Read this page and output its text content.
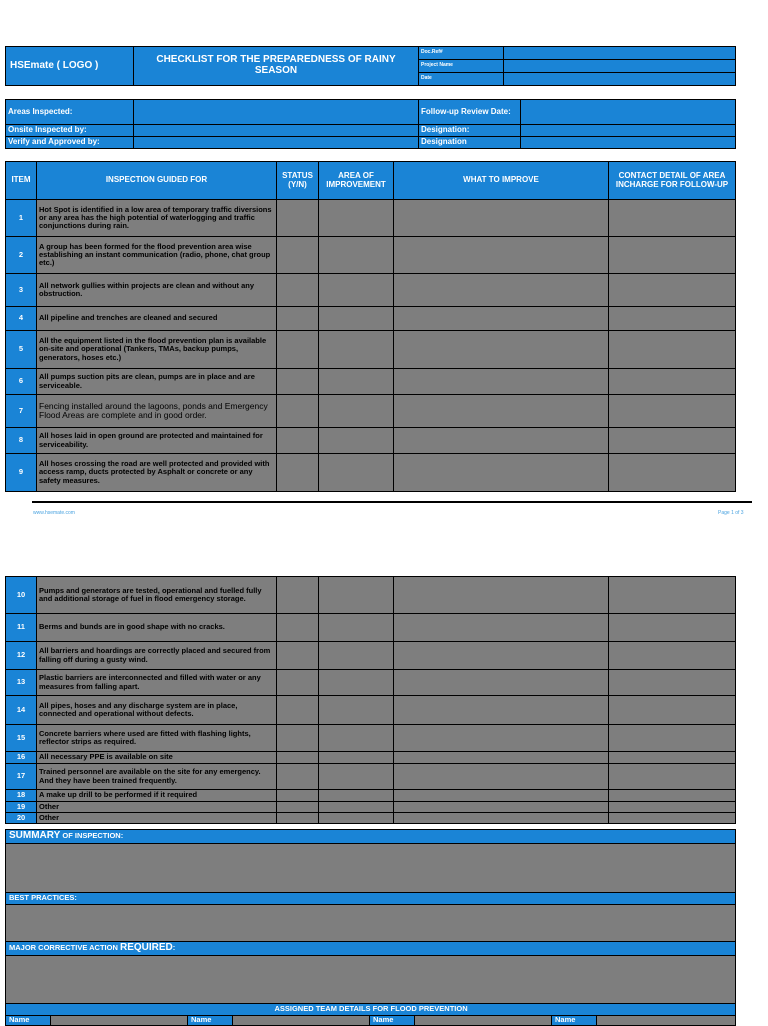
HSEmate ( LOGO )	CHECKLIST FOR THE PREPAREDNESS OF RAINY SEASON	Doc.Ref#	
		Project Name	
		Date	
Areas Inspected:		Follow-up Review Date:	
Onsite Inspected by:		Designation:	
Verify and Approved by:		Designation	
ITEM	INSPECTION GUIDED FOR	STATUS (Y/N)	AREA OF IMPROVEMENT	WHAT TO IMPROVE	CONTACT DETAIL OF AREA INCHARGE FOR FOLLOW-UP
1	Hot Spot is identified in a low area of temporary traffic diversions or any area has the high potential of waterlogging and traffic conjunctions during rain.				
2	A group has been formed for the flood prevention area wise establishing an instant communication (radio, phone, chat group etc.)				
3	All network gullies within projects are clean and without any obstruction.				
4	All pipeline and trenches are cleaned and secured				
5	All the equipment listed in the flood prevention plan is available on-site and operational (Tankers, TMAs, backup pumps, generators, hoses etc.)				
6	All pumps suction pits are clean, pumps are in place and are serviceable.				
7	Fencing installed around the lagoons, ponds and Emergency Flood Areas are complete and in good order.				
8	All hoses laid in open ground are protected and maintained for serviceability.				
9	All hoses crossing the road are well protected and provided with access ramp, ducts protected by Asphalt or concrete or any safety measures.				
www.hsemate.com	Page 1 of 3
10	Pumps and generators are tested, operational and fuelled fully and additional storage of fuel in flood emergency storage.				
11	Berms and bunds are in good shape with no cracks.				
12	All barriers and hoardings are correctly placed and secured from falling off during a gusty wind.				
13	Plastic barriers are interconnected and filled with water or any measures from falling apart.				
14	All pipes, hoses and any discharge system are in place, connected and operational without defects.				
15	Concrete barriers where used are fitted with flashing lights, reflector strips as required.				
16	All necessary PPE is available on site				
17	Trained personnel are available on the site for any emergency. And they have been trained frequently.				
18	A make up drill to be performed if it required				
19	Other				
20	Other				
SUMMARY OF INSPECTION:

BEST PRACTICES:

MAJOR CORRECTIVE ACTION REQUIRED:

ASSIGNED TEAM DETAILS FOR FLOOD PREVENTION
Name		Name		Name		Name	
